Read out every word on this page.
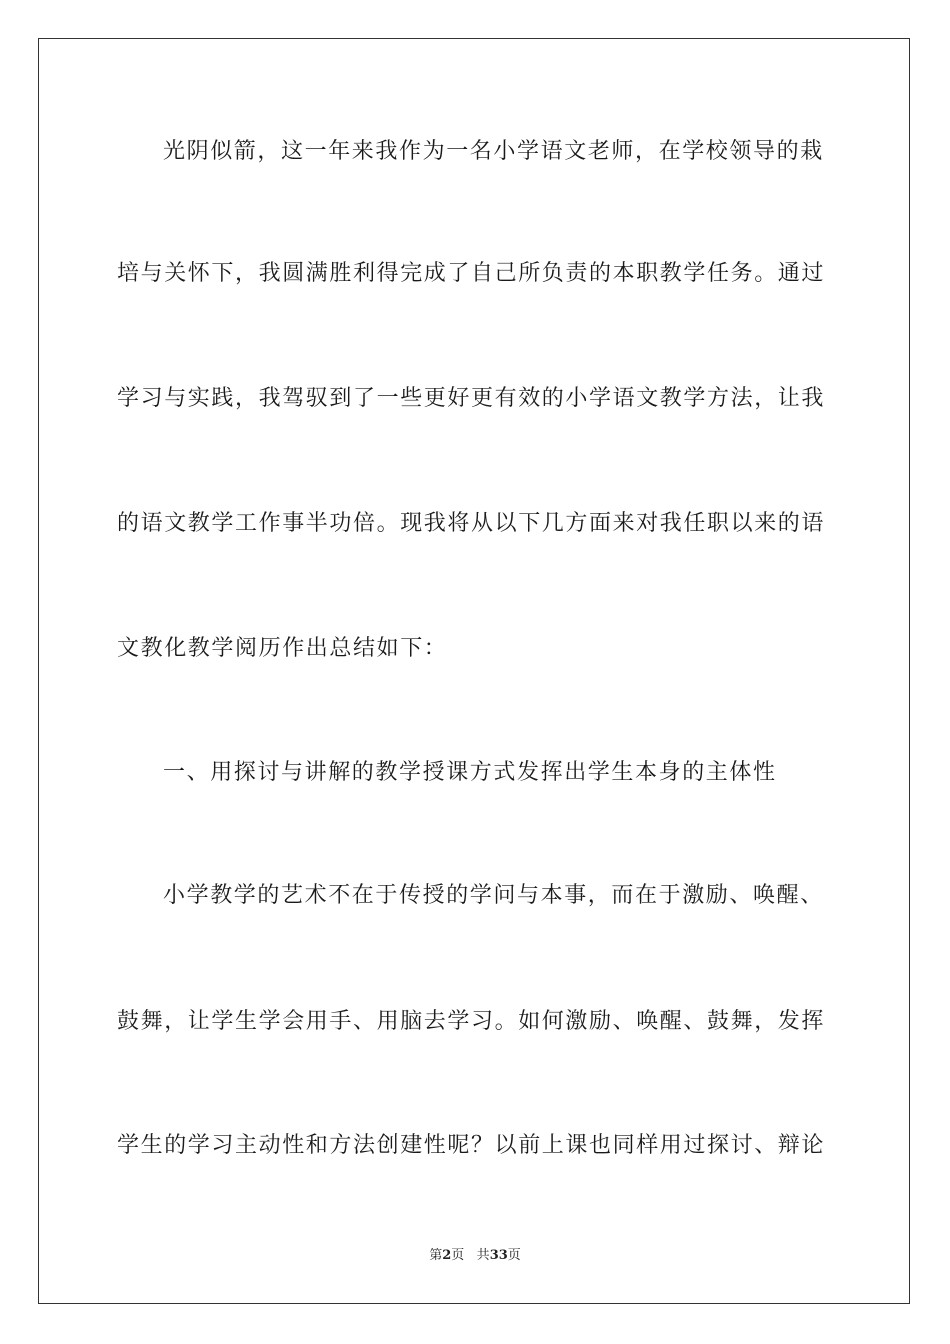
光阴似箭，这一年来我作为一名小学语文老师，在学校领导的栽
培与关怀下，我圆满胜利得完成了自己所负责的本职教学任务。通过
学习与实践，我驾驭到了一些更好更有效的小学语文教学方法，让我
的语文教学工作事半功倍。现我将从以下几方面来对我任职以来的语
文教化教学阅历作出总结如下：
一、用探讨与讲解的教学授课方式发挥出学生本身的主体性
小学教学的艺术不在于传授的学问与本事，而在于激励、唤醒、
鼓舞，让学生学会用手、用脑去学习。如何激励、唤醒、鼓舞，发挥
学生的学习主动性和方法创建性呢？以前上课也同样用过探讨、辩论
第2页 共33页
